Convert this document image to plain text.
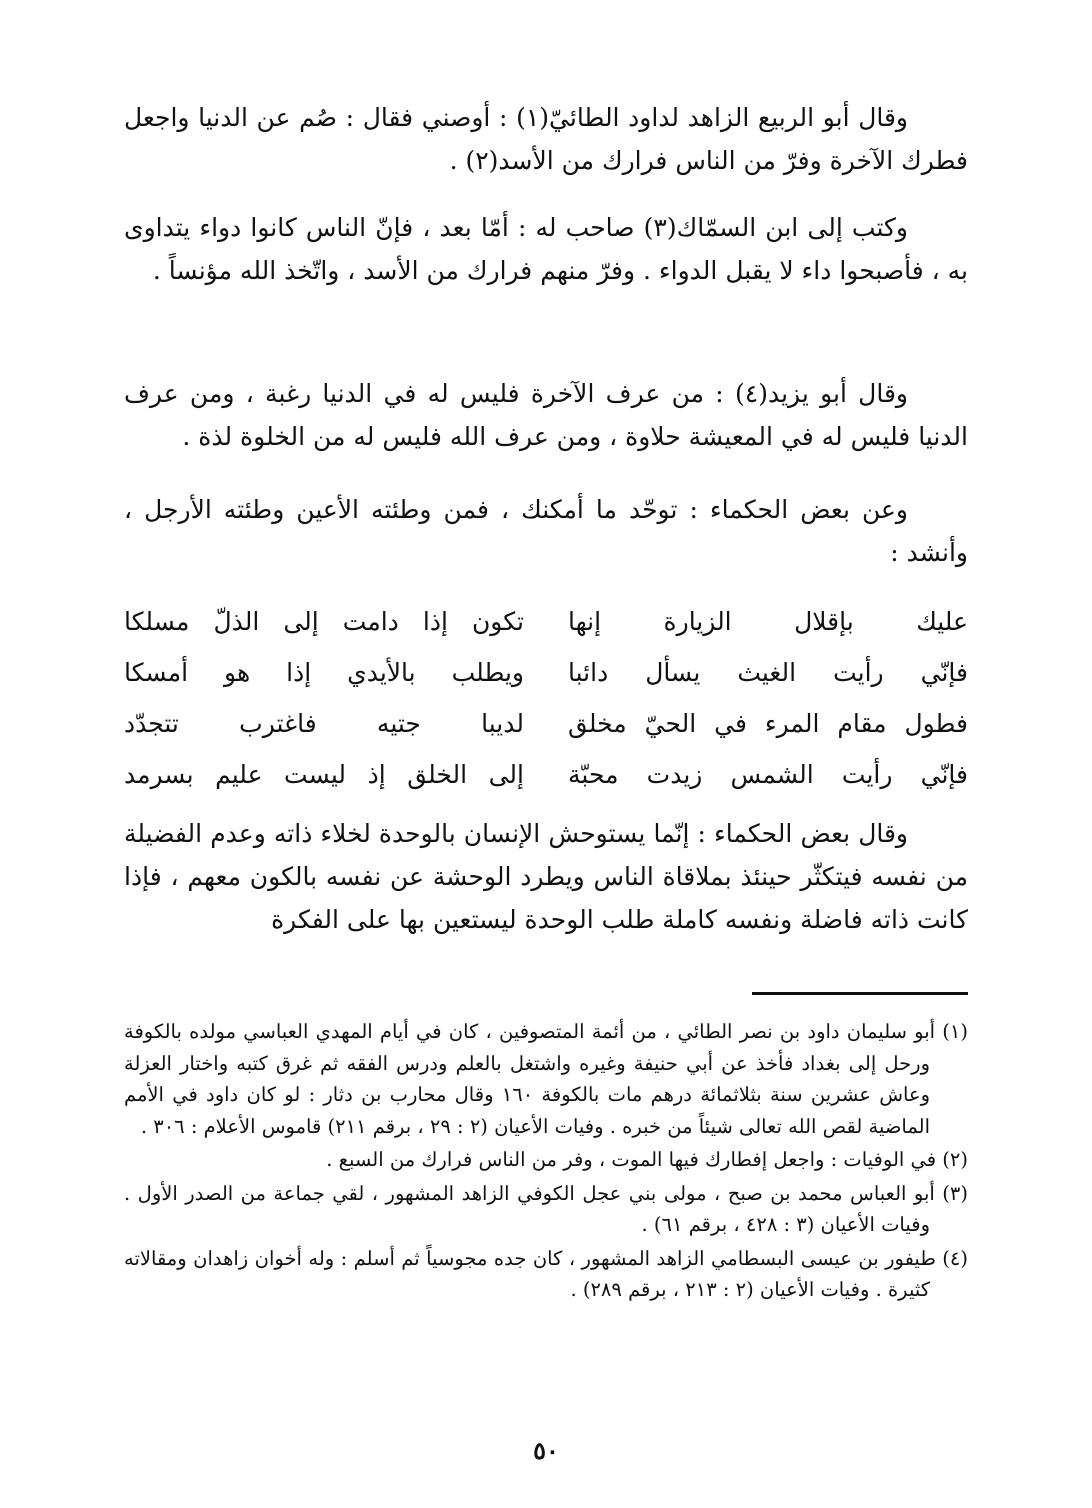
وقال أبو الربيع الزاهد لداود الطائيّ(١) : أوصني فقال : صُم عن الدنيا واجعل فطرك الآخرة وفرّ من الناس فرارك من الأسد(٢) .

وكتب إلى ابن السمّاك(٣) صاحب له : أمّا بعد ، فإنّ الناس كانوا دواء يتداوى به ، فأصبحوا داء لا يقبل الدواء . وفرّ منهم فرارك من الأسد ، واتّخذ الله مؤنساً .

وقال أبو يزيد(٤) : من عرف الآخرة فليس له في الدنيا رغبة ، ومن عرف الدنيا فليس له في المعيشة حلاوة ، ومن عرف الله فليس له من الخلوة لذة .

وعن بعض الحكماء : توحّد ما أمكنك ، فمن وطئته الأعين وطئته الأرجل ، وأنشد :

عليك بإقلال الزيارة إنها
تكون إذا دامت إلى الذلّ مسلكا
فإنّي رأيت الغيث يسأل دائبا
ويطلب بالأيدي إذا هو أمسكا
فطول مقام المرء في الحيّ مخلق
لديبا جتيه فاغترب تتجدّد
فإنّي رأيت الشمس زيدت محبّة
إلى الخلق إذ ليست عليم بسرمد

وقال بعض الحكماء : إنّما يستوحش الإنسان بالوحدة لخلاء ذاته وعدم الفضيلة من نفسه فيتكثّر حينئذ بملاقاة الناس ويطرد الوحشة عن نفسه بالكون معهم ، فإذا كانت ذاته فاضلة ونفسه كاملة طلب الوحدة ليستعين بها على الفكرة

(١) أبو سليمان داود بن نصر الطائي ، من أئمة المتصوفين ، كان في أيام المهدي العباسي مولده بالكوفة ورحل إلى بغداد فأخذ عن أبي حنيفة وغيره واشتغل بالعلم ودرس الفقه ثم غرق كتبه واختار العزلة وعاش عشرين سنة بثلاثمائة درهم مات بالكوفة ١٦٠ وقال محارب بن دثار : لو كان داود في الأمم الماضية لقص الله تعالى شيئاً من خبره . وفيات الأعيان (٢ : ٢٩ ، برقم ٢١١) قاموس الأعلام : ٣٠٦ .

(٢) في الوفيات : واجعل إفطارك فيها الموت ، وفر من الناس فرارك من السبع .

(٣) أبو العباس محمد بن صبح ، مولى بني عجل الكوفي الزاهد المشهور ، لقي جماعة من الصدر الأول . وفيات الأعيان (٣ : ٤٢٨ ، برقم ٦١) .

(٤) طيفور بن عيسى البسطامي الزاهد المشهور ، كان جده مجوسياً ثم أسلم : وله أخوان زاهدان ومقالاته كثيرة . وفيات الأعيان (٢ : ٢١٣ ، برقم ٢٨٩) .

٥٠
